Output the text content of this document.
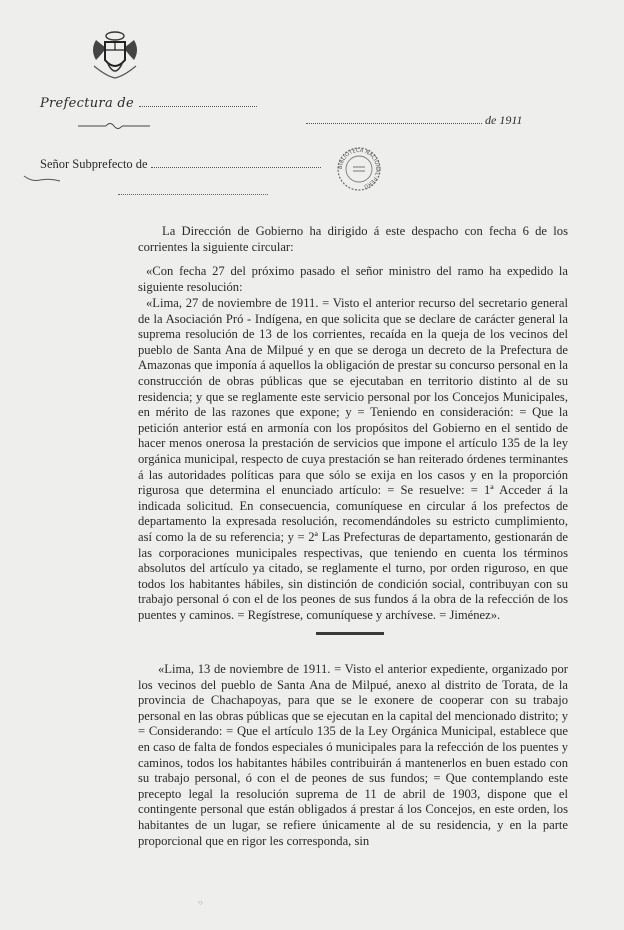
Prefectura de
de 1911
Señor Subprefecto de	BIBLIOTECA NACIONAL·PERÚ

La Dirección de Gobierno ha dirigido á este despacho con fecha 6 de los corrientes la siguiente circular:

«Con fecha 27 del próximo pasado el señor ministro del ramo ha expedido la siguiente resolución:

«Lima, 27 de noviembre de 1911. = Visto el anterior recurso del secretario general de la Asociación Pró - Indígena, en que solicita que se declare de carácter general la suprema resolución de 13 de los corrientes, recaída en la queja de los vecinos del pueblo de Santa Ana de Milpué y en que se deroga un decreto de la Prefectura de Amazonas que imponía á aquellos la obligación de prestar su concurso personal en la construcción de obras públicas que se ejecutaban en territorio distinto al de su residencia; y que se reglamente este servicio personal por los Concejos Municipales, en mérito de las razones que expone; y = Teniendo en consideración: = Que la petición anterior está en armonía con los propósitos del Gobierno en el sentido de hacer menos onerosa la prestación de servicios que impone el artículo 135 de la ley orgánica municipal, respecto de cuya prestación se han reiterado órdenes terminantes á las autoridades políticas para que sólo se exija en los casos y en la proporción rigurosa que determina el enunciado artículo: = Se resuelve: = 1ª Acceder á la indicada solicitud. En consecuencia, comuníquese en circular á los prefectos de departamento la expresada resolución, recomendándoles su estricto cumplimiento, así como la de su referencia; y = 2ª Las Prefecturas de departamento, gestionarán de las corporaciones municipales respectivas, que teniendo en cuenta los términos absolutos del artículo ya citado, se reglamente el turno, por orden riguroso, en que todos los habitantes hábiles, sin distinción de condición social, contribuyan con su trabajo personal ó con el de los peones de sus fundos á la obra de la refección de los puentes y caminos. = Regístrese, comuníquese y archívese. = Jiménez».

«Lima, 13 de noviembre de 1911. = Visto el anterior expediente, organizado por los vecinos del pueblo de Santa Ana de Milpué, anexo al distrito de Torata, de la provincia de Chachapoyas, para que se le exonere de cooperar con su trabajo personal en las obras públicas que se ejecutan en la capital del mencionado distrito; y = Considerando: = Que el artículo 135 de la Ley Orgánica Municipal, establece que en caso de falta de fondos especiales ó municipales para la refección de los puentes y caminos, todos los habitantes hábiles contribuirán á mantenerlos en buen estado con su trabajo personal, ó con el de peones de sus fundos; = Que contemplando este precepto legal la resolución suprema de 11 de abril de 1903, dispone que el contingente personal que están obligados á prestar á los Concejos, en este orden, los habitantes de un lugar, se refiere únicamente al de su residencia, y en la parte proporcional que en rigor les corresponda, sin

○
